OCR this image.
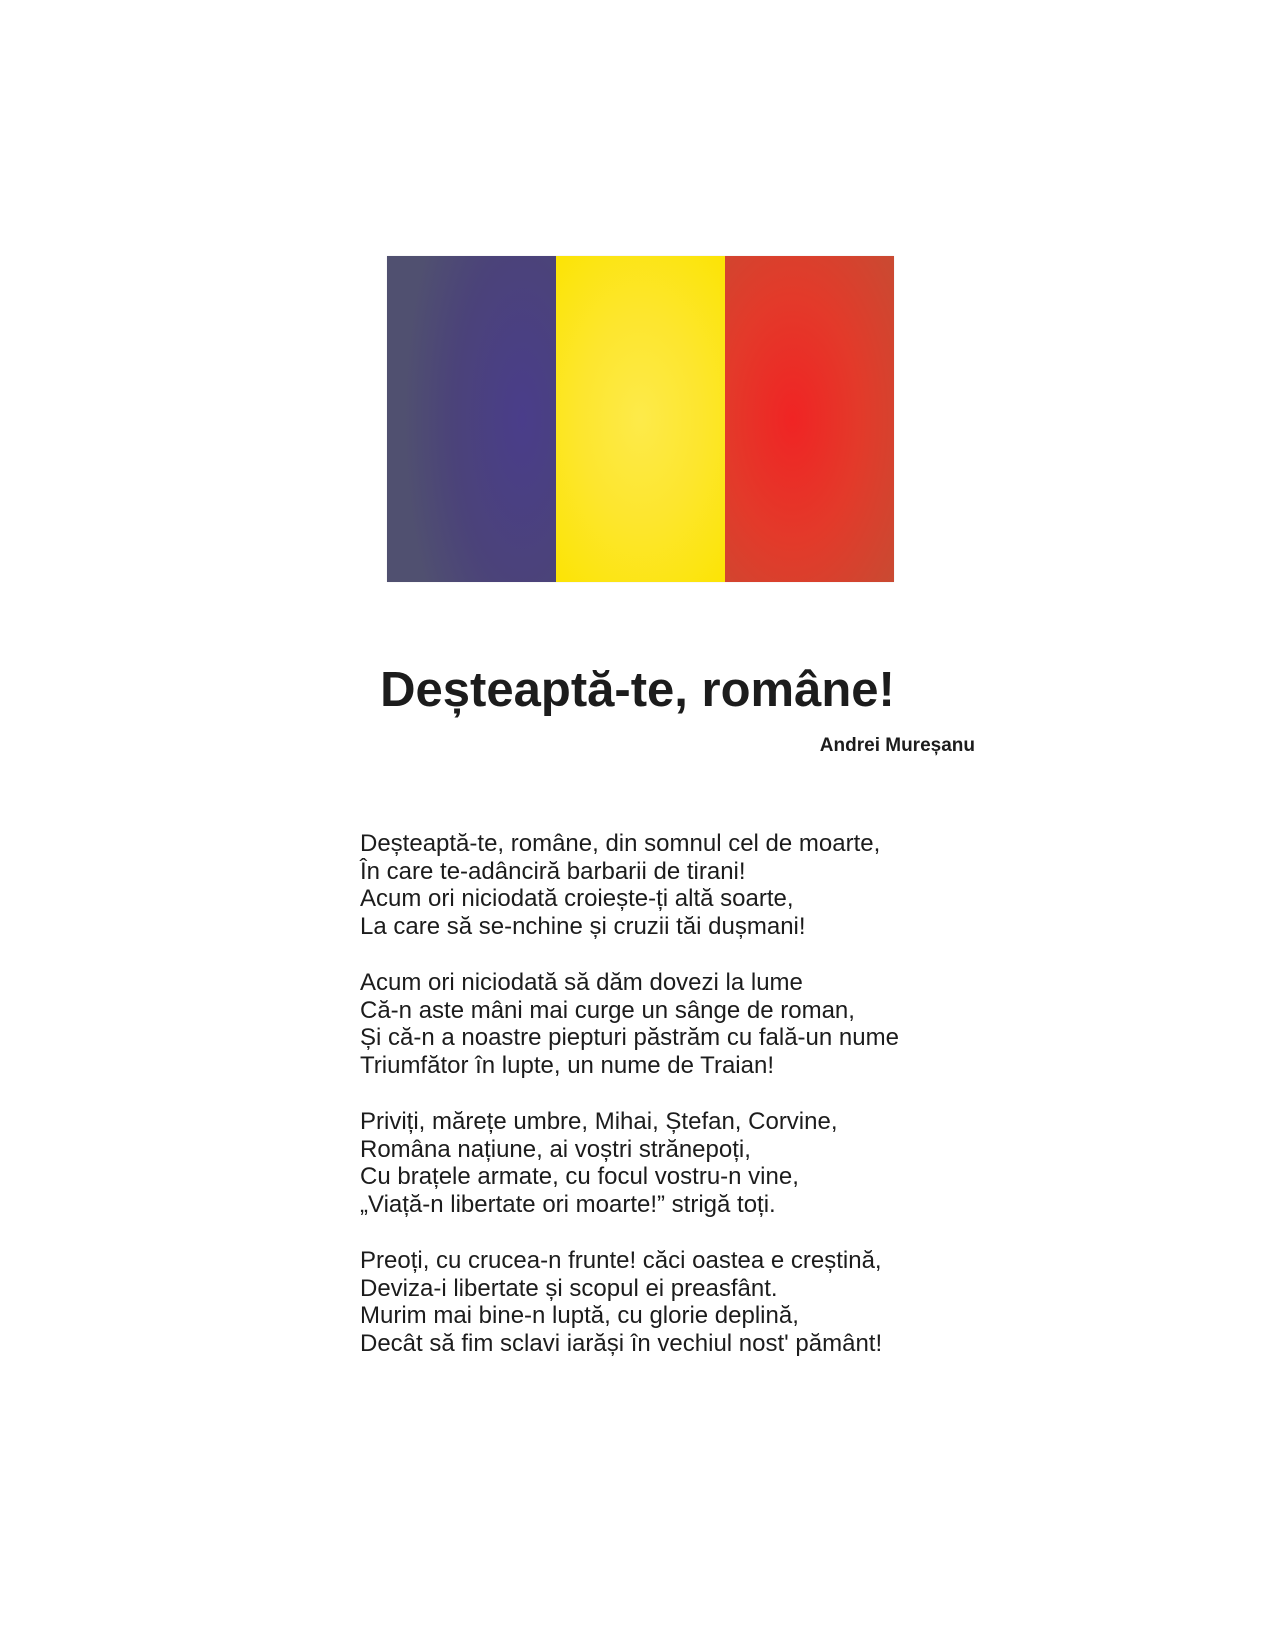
Deșteaptă-te, române!

Andrei Mureșanu

Deșteaptă-te, române, din somnul cel de moarte,
În care te-adânciră barbarii de tirani!
Acum ori niciodată croiește-ți altă soarte,
La care să se-nchine și cruzii tăi dușmani!
Acum ori niciodată să dăm dovezi la lume
Că-n aste mâni mai curge un sânge de roman,
Și că-n a noastre piepturi păstrăm cu fală-un nume
Triumfător în lupte, un nume de Traian!
Priviți, mărețe umbre, Mihai, Ștefan, Corvine,
Româna națiune, ai voștri strănepoți,
Cu brațele armate, cu focul vostru-n vine,
„Viață-n libertate ori moarte!” strigă toți.
Preoți, cu crucea-n frunte! căci oastea e creștină,
Deviza-i libertate și scopul ei preasfânt.
Murim mai bine-n luptă, cu glorie deplină,
Decât să fim sclavi iarăși în vechiul nost' pământ!
